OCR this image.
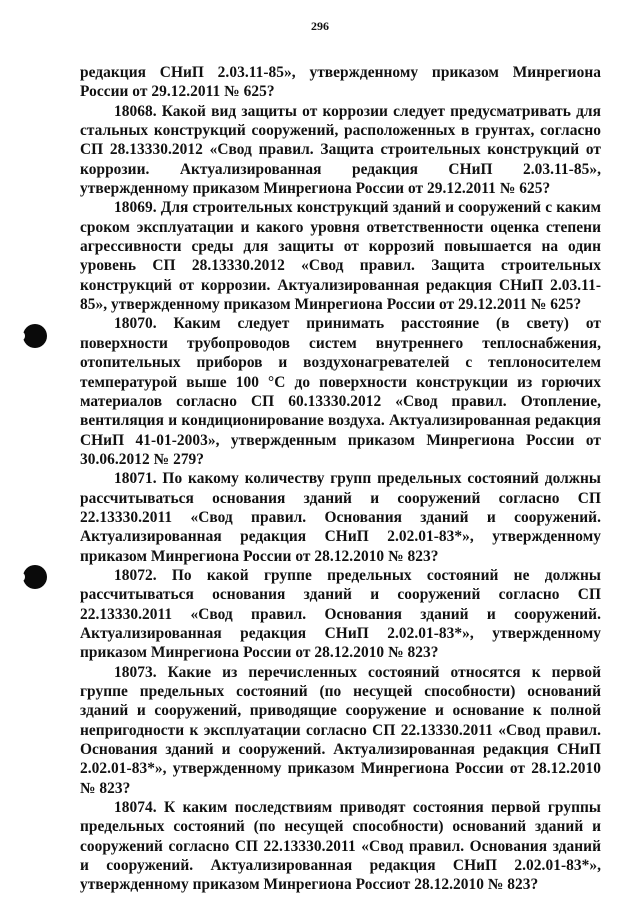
296

редакция СНиП 2.03.11-85», утвержденному приказом Минрегиона России от 29.12.2011 № 625?

18068. Какой вид защиты от коррозии следует предусматривать для стальных конструкций сооружений, расположенных в грунтах, согласно СП 28.13330.2012 «Свод правил. Защита строительных конструкций от коррозии. Актуализированная редакция СНиП 2.03.11-85», утвержденному приказом Минрегиона России от 29.12.2011 № 625?

18069. Для строительных конструкций зданий и сооружений с каким сроком эксплуатации и какого уровня ответственности оценка степени агрессивности среды для защиты от коррозий повышается на один уровень СП 28.13330.2012 «Свод правил. Защита строительных конструкций от коррозии. Актуализированная редакция СНиП 2.03.11-85», утвержденному приказом Минрегиона России от 29.12.2011 № 625?

18070. Каким следует принимать расстояние (в свету) от поверхности трубопроводов систем внутреннего теплоснабжения, отопительных приборов и воздухонагревателей с теплоносителем температурой выше 100 °С до поверхности конструкции из горючих материалов согласно СП 60.13330.2012 «Свод правил. Отопление, вентиляция и кондиционирование воздуха. Актуализированная редакция СНиП 41-01-2003», утвержденным приказом Минрегиона России от 30.06.2012 № 279?

18071. По какому количеству групп предельных состояний должны рассчитываться основания зданий и сооружений согласно СП 22.13330.2011 «Свод правил. Основания зданий и сооружений. Актуализированная редакция СНиП 2.02.01-83*», утвержденному приказом Минрегиона России от 28.12.2010 № 823?

18072. По какой группе предельных состояний не должны рассчитываться основания зданий и сооружений согласно СП 22.13330.2011 «Свод правил. Основания зданий и сооружений. Актуализированная редакция СНиП 2.02.01-83*», утвержденному приказом Минрегиона России от 28.12.2010 № 823?

18073. Какие из перечисленных состояний относятся к первой группе предельных состояний (по несущей способности) оснований зданий и сооружений, приводящие сооружение и основание к полной непригодности к эксплуатации согласно СП 22.13330.2011 «Свод правил. Основания зданий и сооружений. Актуализированная редакция СНиП 2.02.01-83*», утвержденному приказом Минрегиона России от 28.12.2010 № 823?

18074. К каким последствиям приводят состояния первой группы предельных состояний (по несущей способности) оснований зданий и сооружений согласно СП 22.13330.2011 «Свод правил. Основания зданий и сооружений. Актуализированная редакция СНиП 2.02.01-83*», утвержденному приказом Минрегиона Россиот 28.12.2010 № 823?
